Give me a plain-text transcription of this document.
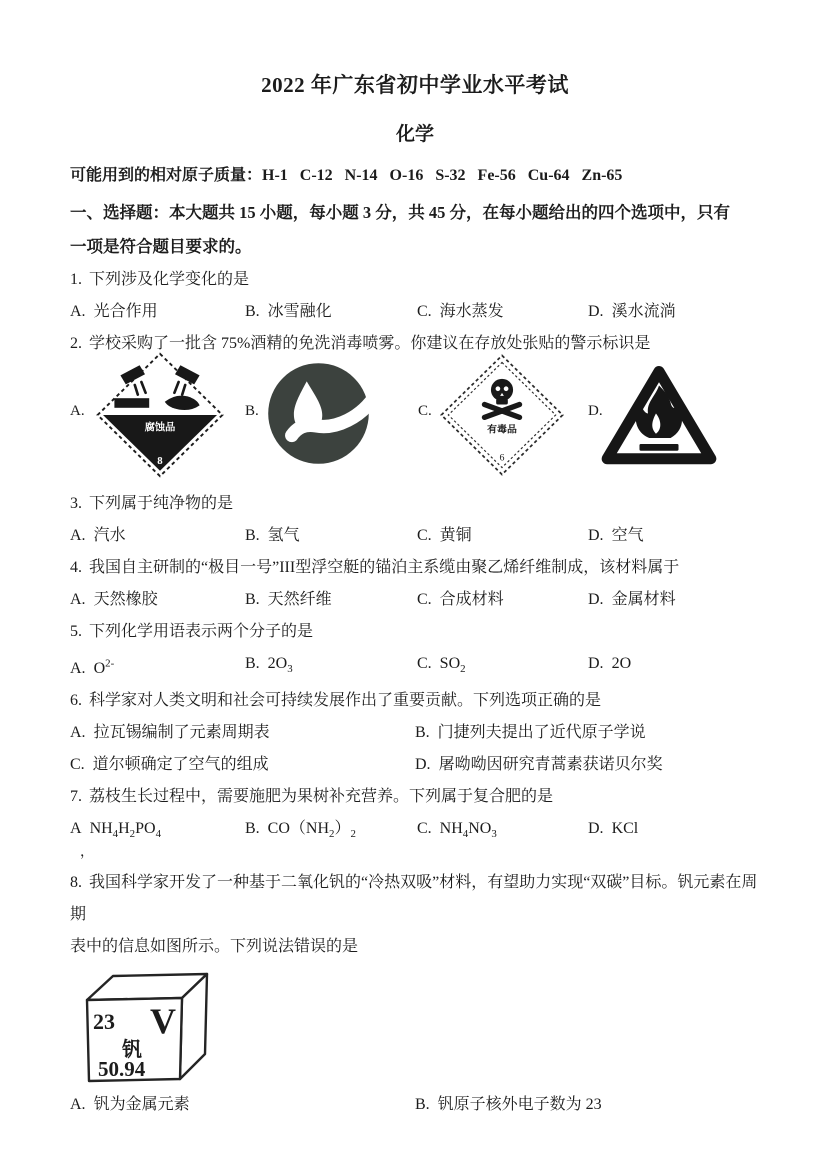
2022 年广东省初中学业水平考试
化学

可能用到的相对原子质量：H-1   C-12   N-14   O-16   S-32   Fe-56   Cu-64   Zn-65

一、选择题：本大题共 15 小题，每小题 3 分，共 45 分，在每小题给出的四个选项中，只有

一项是符合题目要求的。

1. 下列涉及化学变化的是

A. 光合作用	B. 冰雪融化	C. 海水蒸发	D. 溪水流淌

2. 学校采购了一批含 75%酒精的免洗消毒喷雾。你建议在存放处张贴的警示标识是

A.
腐蚀品
8
B.	C.
有毒品
6
D.

3. 下列属于纯净物的是

A. 汽水	B. 氢气	C. 黄铜	D. 空气

4. 我国自主研制的“极目一号”III型浮空艇的锚泊主系缆由聚乙烯纤维制成，该材料属于

A. 天然橡胶	B. 天然纤维	C. 合成材料	D. 金属材料

5. 下列化学用语表示两个分子的是

A. $O^{2-}$	B. $2O_3$	C. $SO_2$	D. 2O

6. 科学家对人类文明和社会可持续发展作出了重要贡献。下列选项正确的是

A. 拉瓦锡编制了元素周期表	B. 门捷列夫提出了近代原子学说
C. 道尔顿确定了空气的组成	D. 屠呦呦因研究青蒿素获诺贝尔奖

7. 荔枝生长过程中，需要施肥为果树补充营养。下列属于复合肥的是

A $NH_4H_2PO_4$	B. $CO(NH_2)_2$	C. $NH_4NO_3$	D. KCl
，

8. 我国科学家开发了一种基于二氧化钒的“冷热双吸”材料，有望助力实现“双碳”目标。钒元素在周期

表中的信息如图所示。下列说法错误的是

23 V
钒
50.94
A. 钒为金属元素	B. 钒原子核外电子数为 23
